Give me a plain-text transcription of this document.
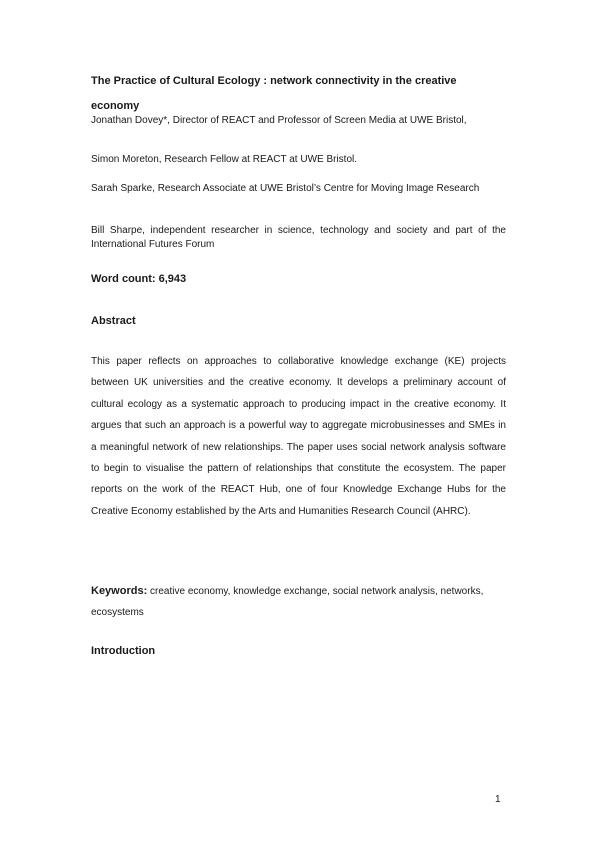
The Practice of Cultural Ecology : network connectivity in the creative economy

Jonathan Dovey*, Director of REACT and Professor of Screen Media at UWE Bristol,

Simon Moreton, Research Fellow at REACT at UWE Bristol.

Sarah Sparke, Research Associate at UWE Bristol’s Centre for Moving Image Research

Bill Sharpe, independent researcher in science, technology and society and part of the International Futures Forum

Word count: 6,943
Abstract

This paper reflects on approaches to collaborative knowledge exchange (KE) projects between UK universities and the creative economy. It develops a preliminary account of cultural ecology as a systematic approach to producing impact in the creative economy. It argues that such an approach is a powerful way to aggregate microbusinesses and SMEs in a meaningful network of new relationships. The paper uses social network analysis software to begin to visualise the pattern of relationships that constitute the ecosystem. The paper reports on the work of the REACT Hub, one of four Knowledge Exchange Hubs for the Creative Economy established by the Arts and Humanities Research Council (AHRC).

Keywords: creative economy, knowledge exchange, social network analysis, networks, ecosystems

Introduction
1
